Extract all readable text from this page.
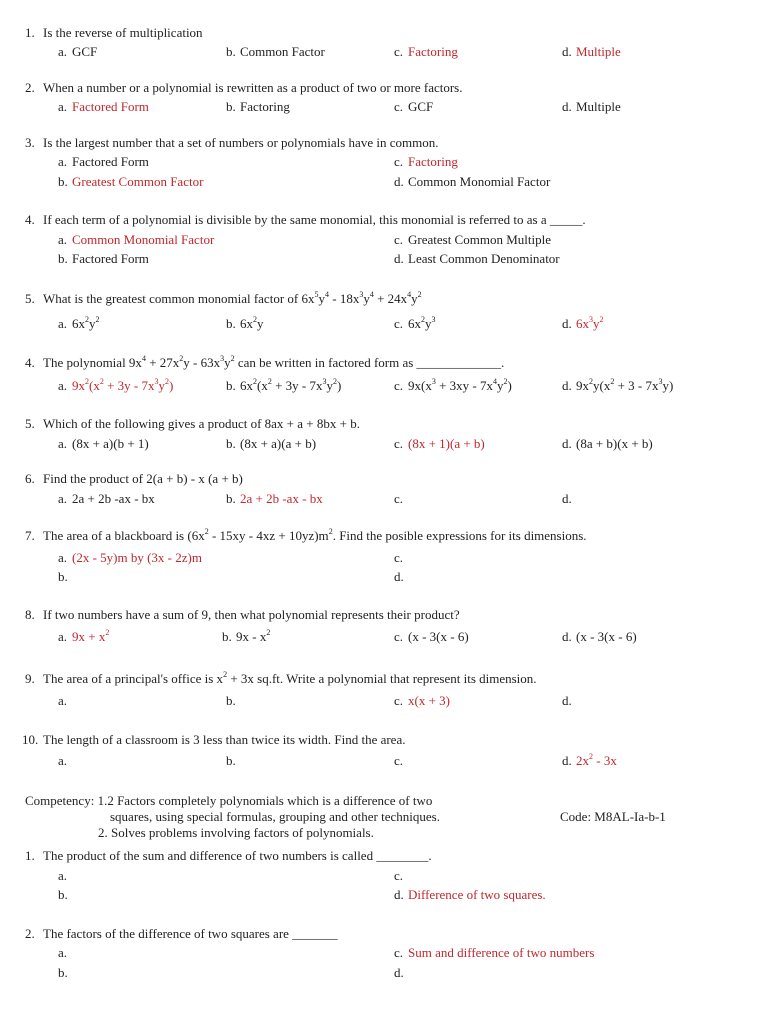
1. Is the reverse of multiplication
a. GCF	b. Common Factor	c. Factoring	d. Multiple
2. When a number or a polynomial is rewritten as a product of two or more factors.
a. Factored Form	b. Factoring	c. GCF	d. Multiple
3. Is the largest number that a set of numbers or polynomials have in common.
a. Factored Form	c. Factoring
b. Greatest Common Factor	d. Common Monomial Factor
4. If each term of a polynomial is divisible by the same monomial, this monomial is referred to as a _____.
a. Common Monomial Factor	c. Greatest Common Multiple
b. Factored Form	d. Least Common Denominator
5. What is the greatest common monomial factor of $6x^5y^4 - 18x^3y^4 + 24x^4y^2$
a. $6x^2y^2$	b. $6x^2y$	c. $6x^2y^3$	d. $6x^3y^2$
4. The polynomial $9x^4 + 27x^2y - 63x^3y^2$ can be written in factored form as _____________.
a. $9x^2(x^2 + 3y - 7x^3y^2)$	b. $6x^2(x^2 + 3y - 7x^3y^2)$	c. $9x(x^3 + 3xy - 7x^4y^2)$	d. $9x^2y(x^2 + 3 - 7x^3y)$
5. Which of the following gives a product of 8ax + a + 8bx + b.
a. (8x + a)(b + 1)	b. (8x + a)(a + b)	c. (8x + 1)(a + b)	d. (8a + b)(x + b)
6. Find the product of 2(a + b) - x (a + b)
a. 2a + 2b -ax - bx	b. 2a + 2b -ax - bx	c.	d.
7. The area of a blackboard is $(6x^2 - 15xy - 4xz + 10yz)m^2$. Find the posible expressions for its dimensions.
a. (2x - 5y)m by (3x - 2z)m	c.
b.	d.
8. If two numbers have a sum of 9, then what polynomial represents their product?
a. $9x + x^2$	b. $9x - x^2$	c. (x - 3(x - 6)	d. (x - 3(x - 6)
9. The area of a principal's office is $x^2 + 3x$ sq.ft. Write a polynomial that represent its dimension.
a.	b.	c. x(x + 3)	d.
10. The length of a classroom is 3 less than twice its width. Find the area.
a.	b.	c.	d. $2x^2 - 3x$
Competency: 1.2 Factors completely polynomials which is a difference of two
squares, using special formulas, grouping and other techniques.
2. Solves problems involving factors of polynomials.
Code: M8AL-Ia-b-1
1. The product of the sum and difference of two numbers is called ________.
a.	c.
b.	d. Difference of two squares.
2. The factors of the difference of two squares are _______
a.	c. Sum and difference of two numbers
b.	d.
